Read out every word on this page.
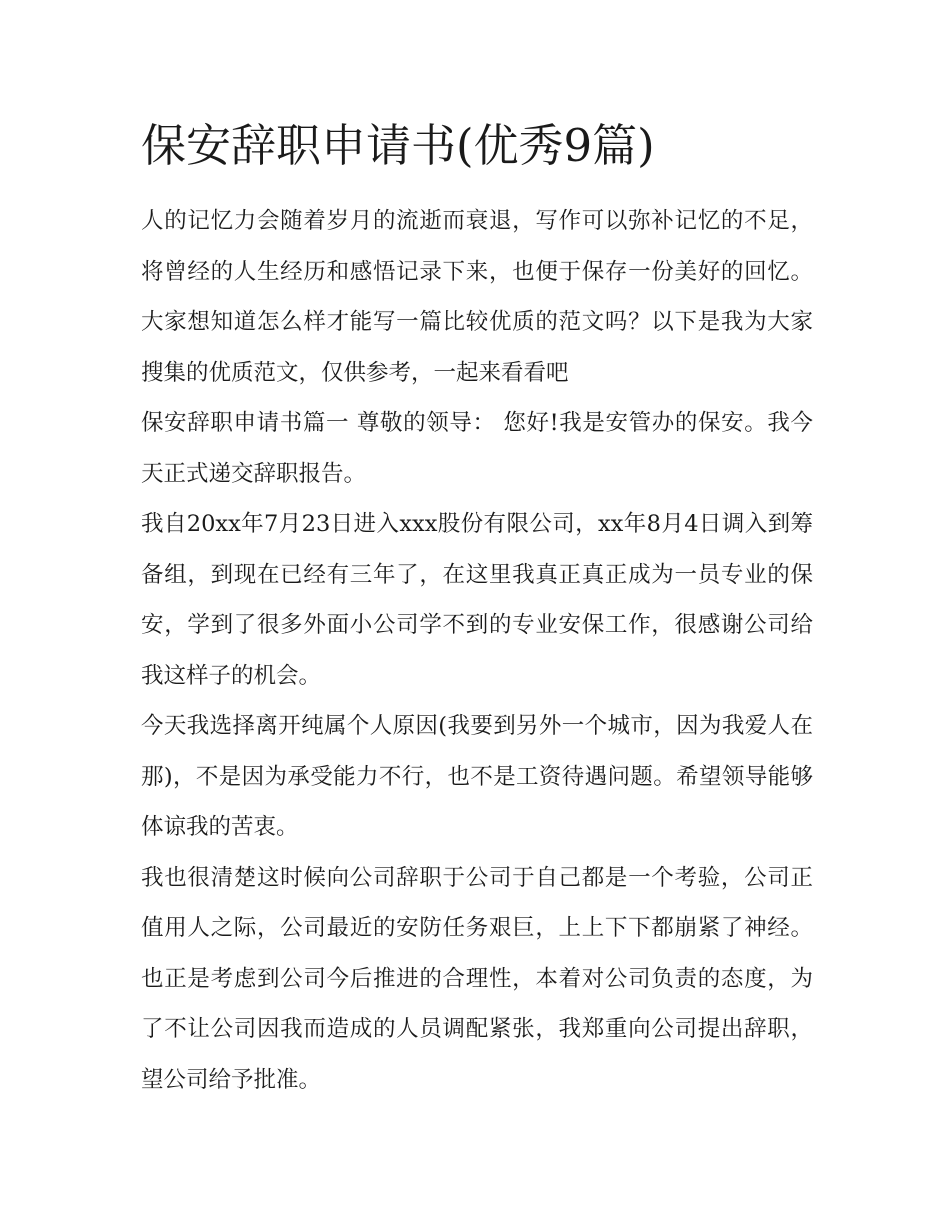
保安辞职申请书(优秀9篇)

人的记忆力会随着岁月的流逝而衰退，写作可以弥补记忆的不足，将曾经的人生经历和感悟记录下来，也便于保存一份美好的回忆。大家想知道怎么样才能写一篇比较优质的范文吗？以下是我为大家搜集的优质范文，仅供参考，一起来看看吧

保安辞职申请书篇一 尊敬的领导： 您好!我是安管办的保安。我今天正式递交辞职报告。

我自20xx年7月23日进入xxx股份有限公司，xx年8月4日调入到筹备组，到现在已经有三年了，在这里我真正真正成为一员专业的保安，学到了很多外面小公司学不到的专业安保工作，很感谢公司给我这样子的机会。

今天我选择离开纯属个人原因(我要到另外一个城市，因为我爱人在那)，不是因为承受能力不行，也不是工资待遇问题。希望领导能够体谅我的苦衷。

我也很清楚这时候向公司辞职于公司于自己都是一个考验，公司正值用人之际，公司最近的安防任务艰巨，上上下下都崩紧了神经。也正是考虑到公司今后推进的合理性，本着对公司负责的态度，为了不让公司因我而造成的人员调配紧张，我郑重向公司提出辞职，望公司给予批准。
